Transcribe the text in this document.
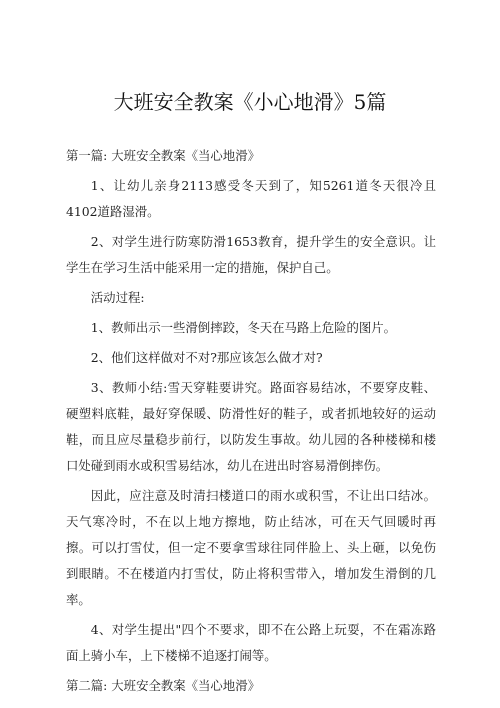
大班安全教案《小心地滑》5篇

第一篇: 大班安全教案《当心地滑》

1、让幼儿亲身2113感受冬天到了，知5261道冬天很冷且4102道路湿滑。

2、对学生进行防寒防滑1653教育，提升学生的安全意识。让学生在学习生活中能采用一定的措施，保护自己。

活动过程:

1、教师出示一些滑倒摔跤，冬天在马路上危险的图片。

2、他们这样做对不对?那应该怎么做才对?

3、教师小结:雪天穿鞋要讲究。路面容易结冰，不要穿皮鞋、硬塑料底鞋，最好穿保暖、防滑性好的鞋子，或者抓地较好的运动鞋，而且应尽量稳步前行，以防发生事故。幼儿园的各种楼梯和楼口处碰到雨水或积雪易结冰，幼儿在进出时容易滑倒摔伤。

因此，应注意及时清扫楼道口的雨水或积雪，不让出口结冰。天气寒冷时，不在以上地方擦地，防止结冰，可在天气回暖时再擦。可以打雪仗，但一定不要拿雪球往同伴脸上、头上砸，以免伤到眼睛。不在楼道内打雪仗，防止将积雪带入，增加发生滑倒的几率。

4、对学生提出"四个不要求，即不在公路上玩耍，不在霜冻路面上骑小车，上下楼梯不追逐打闹等。

第二篇: 大班安全教案《当心地滑》
